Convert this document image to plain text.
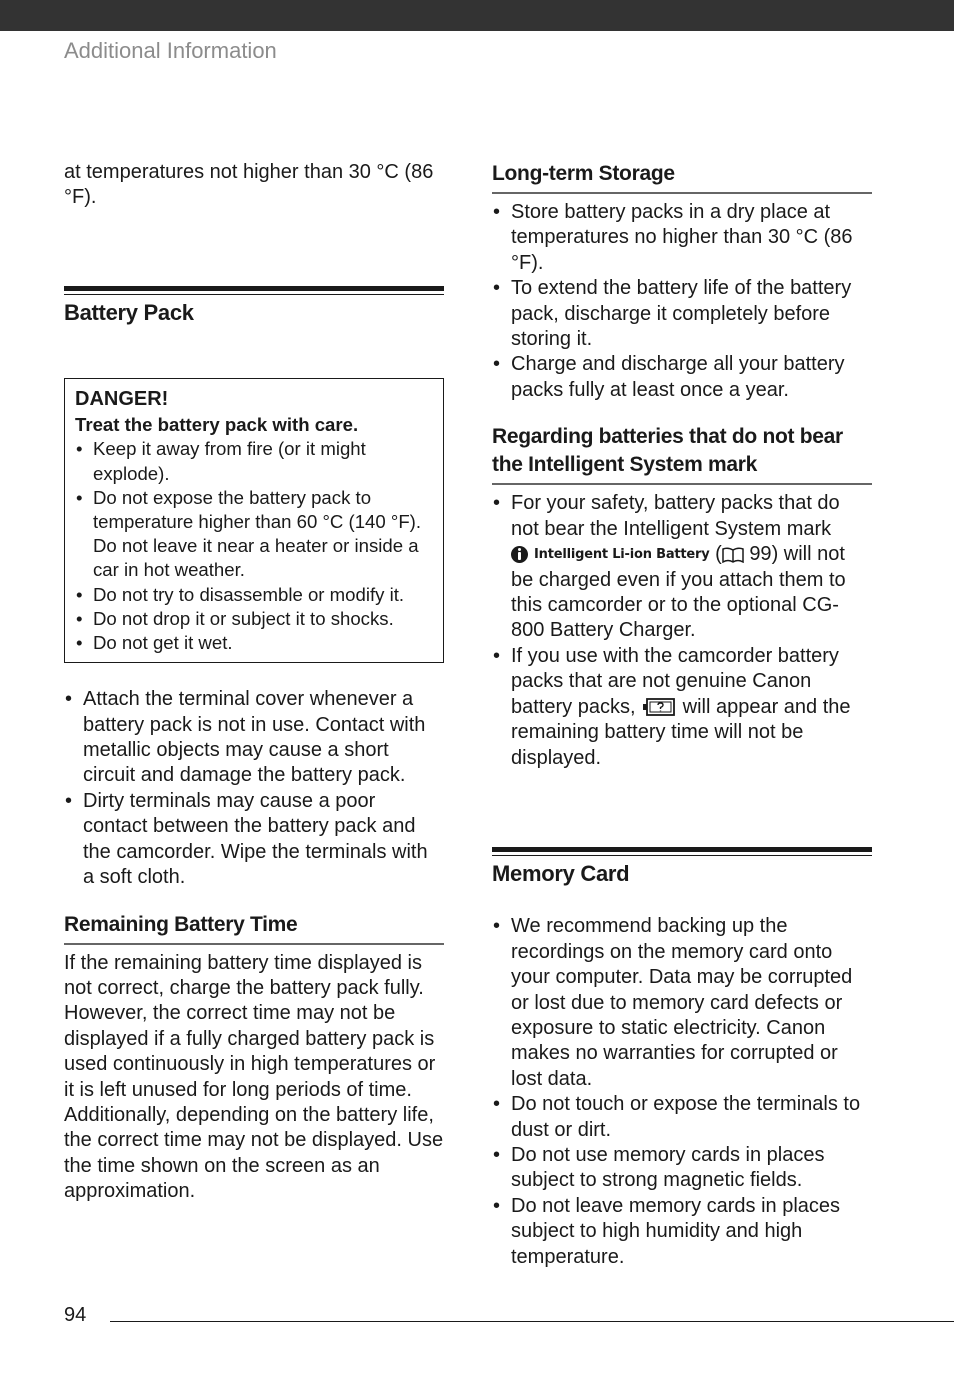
Additional Information

at temperatures not higher than 30 °C (86 °F).

Battery Pack
DANGER!
Treat the battery pack with care.
• Keep it away from fire (or it might explode).
• Do not expose the battery pack to temperature higher than 60 °C (140 °F). Do not leave it near a heater or inside a car in hot weather.
• Do not try to disassemble or modify it.
• Do not drop it or subject it to shocks.
• Do not get it wet.
• Attach the terminal cover whenever a battery pack is not in use. Contact with metallic objects may cause a short circuit and damage the battery pack.
• Dirty terminals may cause a poor contact between the battery pack and the camcorder. Wipe the terminals with a soft cloth.
Remaining Battery Time

If the remaining battery time displayed is not correct, charge the battery pack fully. However, the correct time may not be displayed if a fully charged battery pack is used continuously in high temperatures or it is left unused for long periods of time. Additionally, depending on the battery life, the correct time may not be displayed. Use the time shown on the screen as an approximation.

Long-term Storage
• Store battery packs in a dry place at temperatures no higher than 30 °C (86 °F).
• To extend the battery life of the battery pack, discharge it completely before storing it.
• Charge and discharge all your battery packs fully at least once a year.
Regarding batteries that do not bear the Intelligent System mark
• For your safety, battery packs that do not bear the Intelligent System mark
Intelligent Li-ion Battery ( 99) will not be charged even if you attach them to this camcorder or to the optional CG-800 Battery Charger.
• If you use with the camcorder battery packs that are not genuine Canon battery packs, will appear and the remaining battery time will not be displayed.
Memory Card
• We recommend backing up the recordings on the memory card onto your computer. Data may be corrupted or lost due to memory card defects or exposure to static electricity. Canon makes no warranties for corrupted or lost data.
• Do not touch or expose the terminals to dust or dirt.
• Do not use memory cards in places subject to strong magnetic fields.
• Do not leave memory cards in places subject to high humidity and high temperature.
94
